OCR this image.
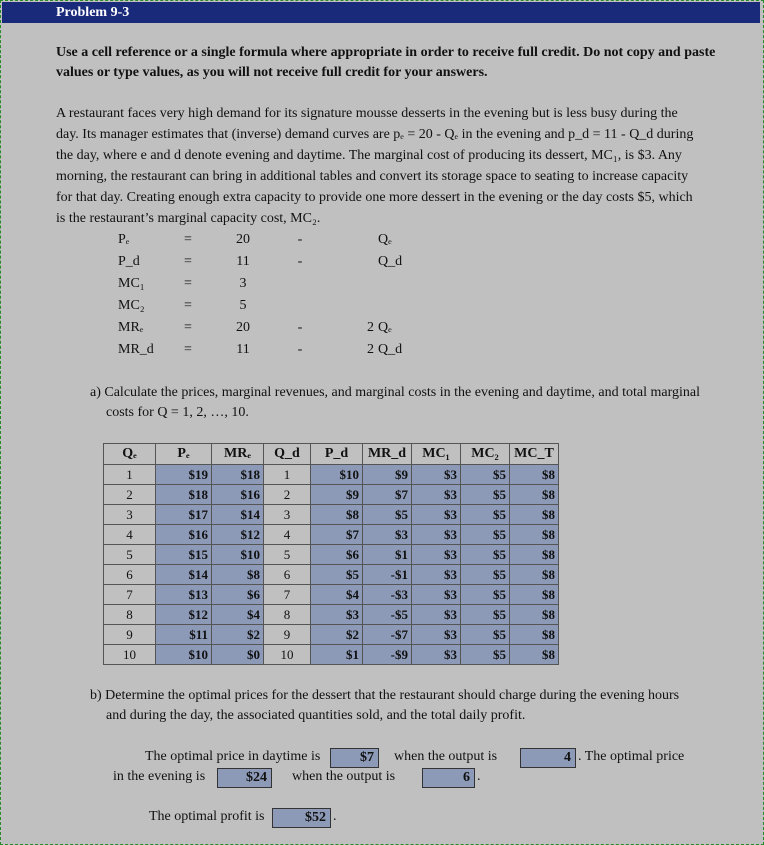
Problem 9-3
Use a cell reference or a single formula where appropriate in order to receive full credit. Do not copy and paste values or type values, as you will not receive full credit for your answers.
A restaurant faces very high demand for its signature mousse desserts in the evening but is less busy during the
day. Its manager estimates that (inverse) demand curves are pₑ = 20 - Qₑ in the evening and p_d = 11 - Q_d during
the day, where e and d denote evening and daytime. The marginal cost of producing its dessert, MC₁, is $3. Any
morning, the restaurant can bring in additional tables and convert its storage space to seating to increase capacity
for that day. Creating enough extra capacity to provide one more dessert in the evening or the day costs $5, which
is the restaurant’s marginal capacity cost, MC₂.
Pₑ	=	20	-	Qₑ
P_d	=	11	-	Q_d
MC₁	=	3
MC₂	=	5
MRₑ	=	20	-	2 Qₑ
MR_d	=	11	-	2 Q_d
a) Calculate the prices, marginal revenues, and marginal costs in the evening and daytime, and total marginal
costs for Q = 1, 2, …, 10.
Qₑ	Pₑ	MRₑ	Q_d	P_d	MR_d	MC₁	MC₂	MC_T
1	$19	$18	1	$10	$9	$3	$5	$8
2	$18	$16	2	$9	$7	$3	$5	$8
3	$17	$14	3	$8	$5	$3	$5	$8
4	$16	$12	4	$7	$3	$3	$5	$8
5	$15	$10	5	$6	$1	$3	$5	$8
6	$14	$8	6	$5	-$1	$3	$5	$8
7	$13	$6	7	$4	-$3	$3	$5	$8
8	$12	$4	8	$3	-$5	$3	$5	$8
9	$11	$2	9	$2	-$7	$3	$5	$8
10	$10	$0	10	$1	-$9	$3	$5	$8
b) Determine the optimal prices for the dessert that the restaurant should charge during the evening hours
and during the day, the associated quantities sold, and the total daily profit.
The optimal price in daytime is	$7	when the output is	4 . The optimal price
in the evening is	$24	when the output is	6 .
The optimal profit is	$52 .
